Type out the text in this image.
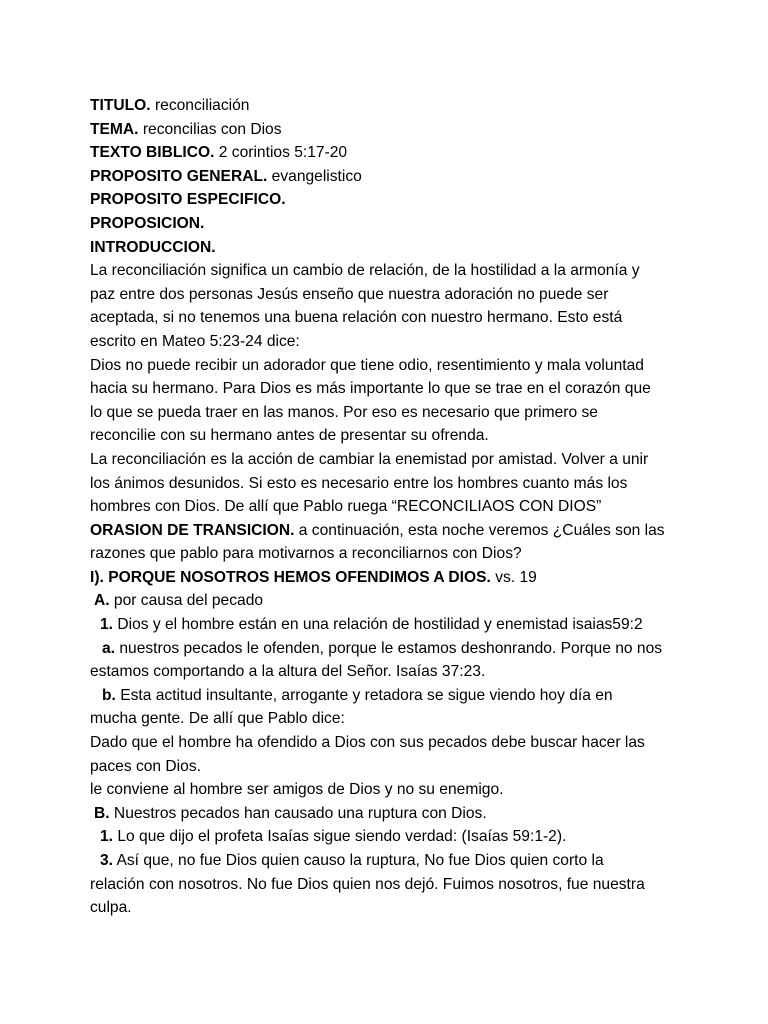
TITULO. reconciliación
TEMA. reconcilias con Dios
TEXTO BIBLICO. 2 corintios 5:17-20
PROPOSITO GENERAL. evangelistico
PROPOSITO ESPECIFICO.
PROPOSICION.
INTRODUCCION.
La reconciliación significa un cambio de relación, de la hostilidad a la armonía y
paz entre dos personas Jesús enseño que nuestra adoración no puede ser
aceptada, si no tenemos una buena relación con nuestro hermano. Esto está
escrito en Mateo 5:23-24 dice:
Dios no puede recibir un adorador que tiene odio, resentimiento y mala voluntad
hacia su hermano. Para Dios es más importante lo que se trae en el corazón que
lo que se pueda traer en las manos. Por eso es necesario que primero se
reconcilie con su hermano antes de presentar su ofrenda.
La reconciliación es la acción de cambiar la enemistad por amistad. Volver a unir
los ánimos desunidos. Si esto es necesario entre los hombres cuanto más los
hombres con Dios. De allí que Pablo ruega “RECONCILIAOS CON DIOS”
ORASION DE TRANSICION. a continuación, esta noche veremos ¿Cuáles son las
razones que pablo para motivarnos a reconciliarnos con Dios?
I). PORQUE NOSOTROS HEMOS OFENDIMOS A DIOS. vs. 19
A. por causa del pecado
1. Dios y el hombre están en una relación de hostilidad y enemistad isaias59:2
a. nuestros pecados le ofenden, porque le estamos deshonrando. Porque no nos
estamos comportando a la altura del Señor. Isaías 37:23.
b. Esta actitud insultante, arrogante y retadora se sigue viendo hoy día en
mucha gente. De allí que Pablo dice:
Dado que el hombre ha ofendido a Dios con sus pecados debe buscar hacer las
paces con Dios.
le conviene al hombre ser amigos de Dios y no su enemigo.
B. Nuestros pecados han causado una ruptura con Dios.
1. Lo que dijo el profeta Isaías sigue siendo verdad: (Isaías 59:1-2).
3. Así que, no fue Dios quien causo la ruptura, No fue Dios quien corto la
relación con nosotros. No fue Dios quien nos dejó. Fuimos nosotros, fue nuestra
culpa.
